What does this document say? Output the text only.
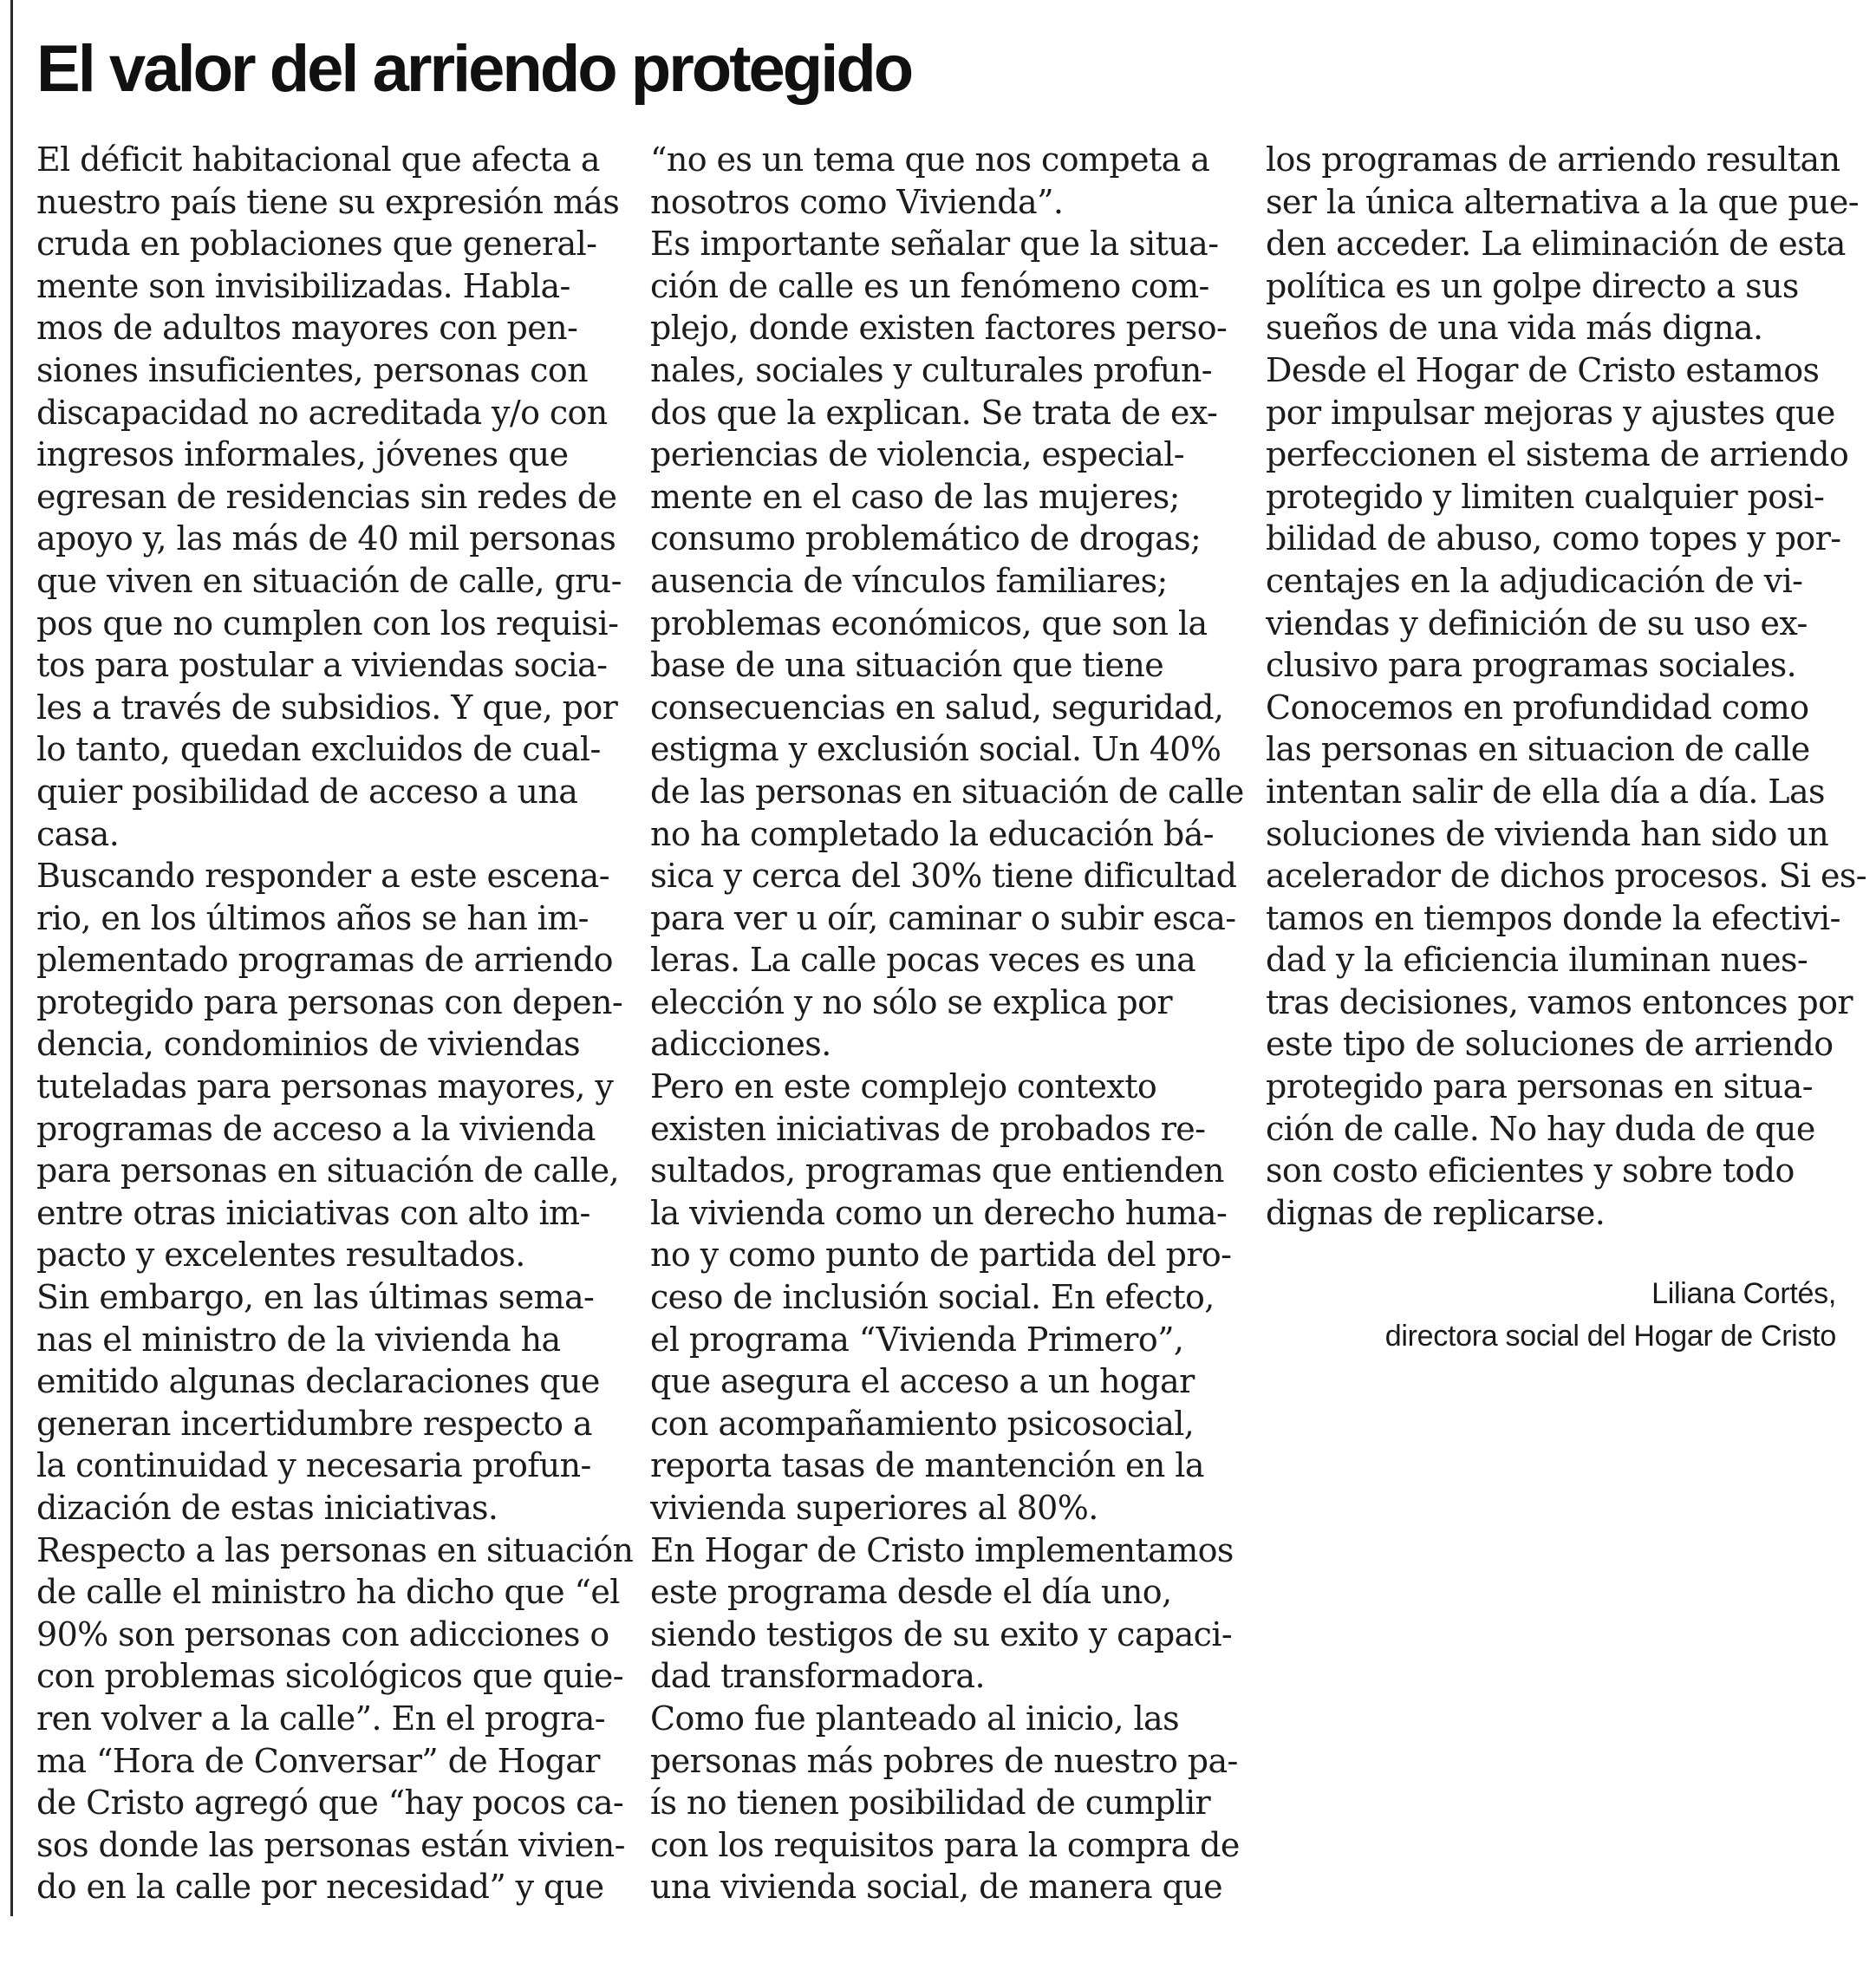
El valor del arriendo protegido
El déficit habitacional que afecta a
nuestro país tiene su expresión más
cruda en poblaciones que general-
mente son invisibilizadas. Habla-
mos de adultos mayores con pen-
siones insuficientes, personas con
discapacidad no acreditada y/o con
ingresos informales, jóvenes que
egresan de residencias sin redes de
apoyo y, las más de 40 mil personas
que viven en situación de calle, gru-
pos que no cumplen con los requisi-
tos para postular a viviendas socia-
les a través de subsidios. Y que, por
lo tanto, quedan excluidos de cual-
quier posibilidad de acceso a una
casa.
Buscando responder a este escena-
rio, en los últimos años se han im-
plementado programas de arriendo
protegido para personas con depen-
dencia, condominios de viviendas
tuteladas para personas mayores, y
programas de acceso a la vivienda
para personas en situación de calle,
entre otras iniciativas con alto im-
pacto y excelentes resultados.
Sin embargo, en las últimas sema-
nas el ministro de la vivienda ha
emitido algunas declaraciones que
generan incertidumbre respecto a
la continuidad y necesaria profun-
dización de estas iniciativas.
Respecto a las personas en situación
de calle el ministro ha dicho que “el
90% son personas con adicciones o
con problemas sicológicos que quie-
ren volver a la calle”. En el progra-
ma “Hora de Conversar” de Hogar
de Cristo agregó que “hay pocos ca-
sos donde las personas están vivien-
do en la calle por necesidad” y que
“no es un tema que nos competa a
nosotros como Vivienda”.
Es importante señalar que la situa-
ción de calle es un fenómeno com-
plejo, donde existen factores perso-
nales, sociales y culturales profun-
dos que la explican. Se trata de ex-
periencias de violencia, especial-
mente en el caso de las mujeres;
consumo problemático de drogas;
ausencia de vínculos familiares;
problemas económicos, que son la
base de una situación que tiene
consecuencias en salud, seguridad,
estigma y exclusión social. Un 40%
de las personas en situación de calle
no ha completado la educación bá-
sica y cerca del 30% tiene dificultad
para ver u oír, caminar o subir esca-
leras. La calle pocas veces es una
elección y no sólo se explica por
adicciones.
Pero en este complejo contexto
existen iniciativas de probados re-
sultados, programas que entienden
la vivienda como un derecho huma-
no y como punto de partida del pro-
ceso de inclusión social. En efecto,
el programa “Vivienda Primero”,
que asegura el acceso a un hogar
con acompañamiento psicosocial,
reporta tasas de mantención en la
vivienda superiores al 80%.
En Hogar de Cristo implementamos
este programa desde el día uno,
siendo testigos de su exito y capaci-
dad transformadora.
Como fue planteado al inicio, las
personas más pobres de nuestro pa-
ís no tienen posibilidad de cumplir
con los requisitos para la compra de
una vivienda social, de manera que
los programas de arriendo resultan
ser la única alternativa a la que pue-
den acceder. La eliminación de esta
política es un golpe directo a sus
sueños de una vida más digna.
Desde el Hogar de Cristo estamos
por impulsar mejoras y ajustes que
perfeccionen el sistema de arriendo
protegido y limiten cualquier posi-
bilidad de abuso, como topes y por-
centajes en la adjudicación de vi-
viendas y definición de su uso ex-
clusivo para programas sociales.
Conocemos en profundidad como
las personas en situacion de calle
intentan salir de ella día a día. Las
soluciones de vivienda han sido un
acelerador de dichos procesos. Si es-
tamos en tiempos donde la efectivi-
dad y la eficiencia iluminan nues-
tras decisiones, vamos entonces por
este tipo de soluciones de arriendo
protegido para personas en situa-
ción de calle. No hay duda de que
son costo eficientes y sobre todo
dignas de replicarse.
Liliana Cortés,
directora social del Hogar de Cristo
